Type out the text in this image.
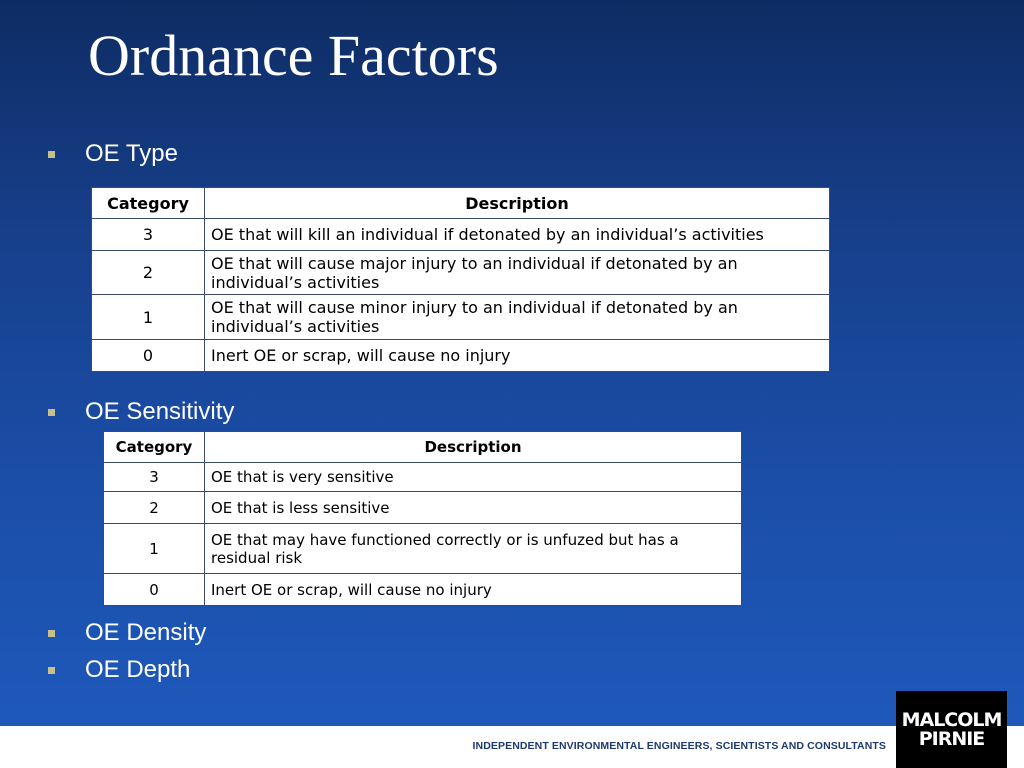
Ordnance Factors
OE Type
Category	Description
3	OE that will kill an individual if detonated by an individual’s activities
2	OE that will cause major injury to an individual if detonated by an individual’s activities
1	OE that will cause minor injury to an individual if detonated by an individual’s activities
0	Inert OE or scrap, will cause no injury
OE Sensitivity
Category	Description
3	OE that is very sensitive
2	OE that is less sensitive
1	OE that may have functioned correctly or is unfuzed but has a residual risk
0	Inert OE or scrap, will cause no injury
OE Density
OE Depth
INDEPENDENT ENVIRONMENTAL ENGINEERS, SCIENTISTS AND CONSULTANTS
MALCOLM
PIRNIE
